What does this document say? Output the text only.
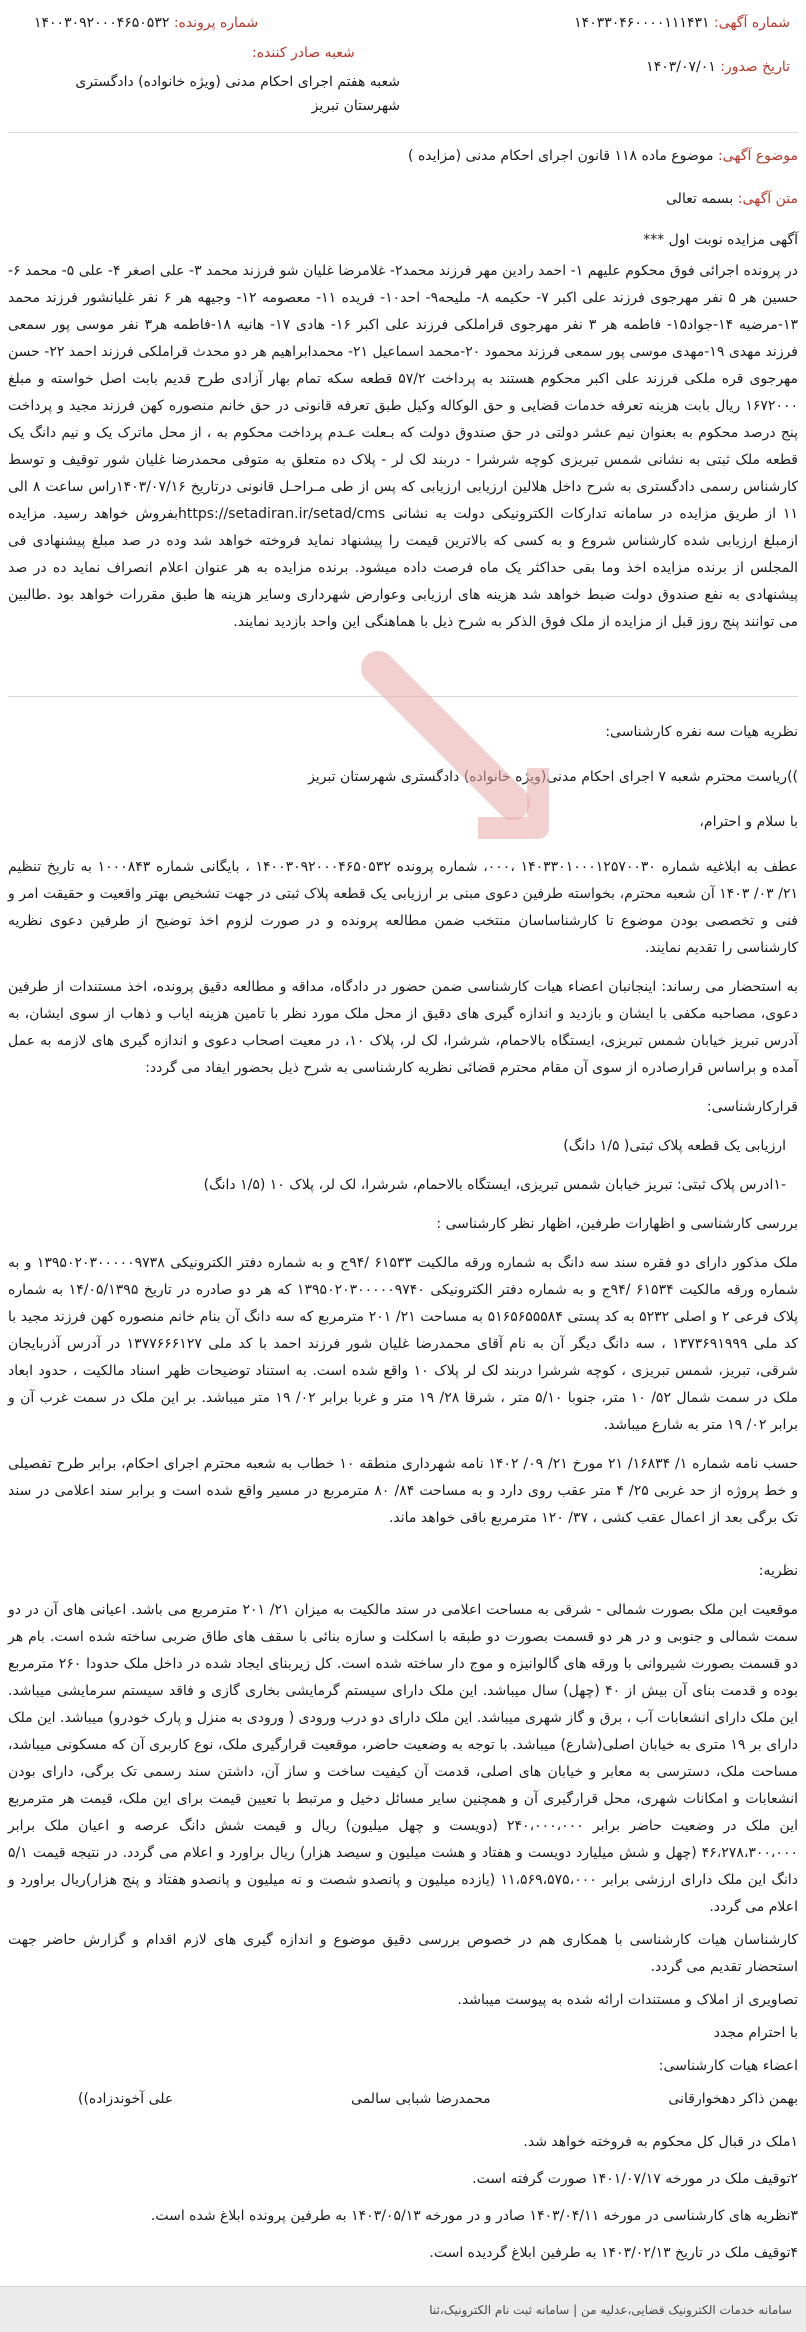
شماره آگهی: ۱۴۰۳۳۰۴۶۰۰۰۰۱۱۱۴۳۱
شماره پرونده: ۱۴۰۰۳۰۹۲۰۰۰۴۶۵۰۵۳۲
تاریخ صدور: ۱۴۰۳/۰۷/۰۱
شعبه صادر کننده:
شعبه هفتم اجرای احکام مدنی (ویژه خانواده) دادگستری شهرستان تبریز
موضوع آگهی: موضوع ماده ۱۱۸ قانون اجرای احکام مدنی (مزایده )
متن آگهی: بسمه تعالی
آگهی مزایده نوبت اول ***

در پرونده اجرائی فوق محکوم علیهم ۱- احمد رادین مهر فرزند محمد۲- غلامرضا غلیان شو فرزند محمد ۳- علی اصغر ۴- علی ۵- محمد ۶- حسین هر ۵ نفر مهرجوی فرزند علی اکبر ۷- حکیمه ۸- ملیحه۹- احد۱۰- فریده ۱۱- معصومه ۱۲- وجیهه هر ۶ نفر غلیانشور فرزند محمد ۱۳-مرضیه ۱۴-جواد۱۵- فاطمه هر ۳ نفر مهرجوی قراملکی فرزند علی اکبر ۱۶- هادی ۱۷- هانیه ۱۸-فاطمه هر۳ نفر موسی پور سمعی فرزند مهدی ۱۹-مهدی موسی پور سمعی فرزند محمود ۲۰-محمد اسماعیل ۲۱- محمدابراهیم هر دو محدث قراملکی فرزند احمد ۲۲- حسن مهرجوی قره ملکی فرزند علی اکبر محکوم هستند به پرداخت ۵۷/۲ قطعه سکه تمام بهار آزادی طرح قدیم بابت اصل خواسته و مبلغ ۱۶۷۲۰۰۰ ریال بابت هزینه تعرفه خدمات قضایی و حق الوکاله وکیل طبق تعرفه قانونی در حق خانم منصوره کهن فرزند مجید و پرداخت پنج درصد محکوم به بعنوان نیم عشر دولتی در حق صندوق دولت که بـعلت عـدم پرداخت محکوم به ، از محل ماترک یک و نیم دانگ یک قطعه ملک ثبتی به نشانی شمس تبریزی کوچه شرشرا - دربند لک لر - پلاک ده متعلق به متوفی محمدرضا غلیان شور توقیف و توسط کارشناس رسمی دادگستری به شرح داخل هلالین ارزیابی ارزیابی که پس از طی مـراحـل قانونی درتاریخ ۱۴۰۳/۰۷/۱۶راس ساعت ۸ الی ۱۱ از طریق مزایده در سامانه تدارکات الکترونیکی دولت به نشانی https://setadiran.ir/setad/cmsبفروش خواهد رسید. مزایده ازمبلغ ارزیابی شده کارشناس شروع و به کسی که بالاترین قیمت را پیشنهاد نماید فروخته خواهد شد وده در صد مبلغ پیشنهادی فی المجلس از برنده مزایده اخذ وما بقی حداکثر یک ماه فرصت داده میشود. برنده مزایده به هر عنوان اعلام انصراف نماید ده در صد پیشنهادی به نفع صندوق دولت ضبط خواهد شد هزینه های ارزیابی وعوارض شهرداری وسایر هزینه ها طبق مقررات خواهد بود .طالبین می توانند پنج روز قبل از مزایده از ملک فوق الذکر به شرح ذیل با هماهنگی این واحد بازدید نمایند.

نظریه هیات سه نفره کارشناسی:
))ریاست محترم شعبه ۷ اجرای احکام مدنی(ویژه خانواده) دادگستری شهرستان تبریز
با سلام و احترام،
عطف به ابلاغیه شماره ۱۴۰۳۳۰۱۰۰۰۱۲۵۷۰۰۳۰ ،۰۰۰، شماره پرونده ۱۴۰۰۳۰۹۲۰۰۰۴۶۵۰۵۳۲ ، بایگانی شماره ۱۰۰۰۸۴۳ به تاریخ تنظیم ۲۱/ ۰۳/ ۱۴۰۳ آن شعبه محترم، بخواسته طرفین دعوی مبنی بر ارزیابی یک قطعه پلاک ثبتی در جهت تشخیص بهتر واقعیت و حقیقت امر و فنی و تخصصی بودن موضوع تا کارشناساسان منتخب ضمن مطالعه پرونده و در صورت لزوم اخذ توضیح از طرفین دعوی نظریه کارشناسی را تقدیم نمایند.
به استحضار می رساند: اینجانبان اعضاء هیات کارشناسی ضمن حضور در دادگاه، مداقه و مطالعه دقیق پرونده، اخذ مستندات از طرفین دعوی، مصاحبه مکفی با ایشان و بازدید و اندازه گیری های دقیق از محل ملک مورد نظر با تامین هزینه ایاب و ذهاب از سوی ایشان، به آدرس تبریز خیابان شمس تبریزی، ایستگاه بالاحمام، شرشرا، لک لر، پلاک ۱۰، در معیت اصحاب دعوی و اندازه گیری های لازمه به عمل آمده و براساس قرارصادره از سوی آن مقام محترم قضائی نظریه کارشناسی به شرح ذیل بحضور ایفاد می گردد:
قرارکارشناسی:
ارزیابی یک قطعه پلاک ثبتی( ۱/۵ دانگ)
-۱ادرس پلاک ثبتی: تبریز خیابان شمس تبریزی، ایستگاه بالاحمام، شرشرا، لک لر، پلاک ۱۰ (۱/۵ دانگ)
بررسی کارشناسی و اظهارات طرفین، اظهار نظر کارشناسی :
ملک مذکور دارای دو فقره سند سه دانگ به شماره ورقه مالکیت ۶۱۵۳۳ /۹۴ج و به شماره دفتر الکترونیکی ۱۳۹۵۰۲۰۳۰۰۰۰۰۹۷۳۸ و به شماره ورقه مالکیت ۶۱۵۳۴ /۹۴ج و به شماره دفتر الکترونیکی ۱۳۹۵۰۲۰۳۰۰۰۰۰۹۷۴۰ که هر دو صادره در تاریخ ۱۴/۰۵/۱۳۹۵ به شماره پلاک فرعی ۲ و اصلی ۵۲۳۲ به کد پستی ۵۱۶۵۶۵۵۵۸۴ به مساحت ۲۱/ ۲۰۱ مترمربع که سه دانگ آن بنام خانم منصوره کهن فرزند مجید با کد ملی ۱۳۷۳۶۹۱۹۹۹ ، سه دانگ دیگر آن به نام آقای محمدرضا غلیان شور فرزند احمد با کد ملی ۱۳۷۷۶۶۶۱۲۷ در آدرس آذربایجان شرقی، تبریز، شمس تبریزی ، کوچه شرشرا دربند لک لر پلاک ۱۰ واقع شده است. به استناد توضیحات ظهر اسناد مالکیت ، حدود ابعاد ملک در سمت شمال ۵۲/ ۱۰ متر، جنوبا ۵/۱۰ متر ، شرقا ۲۸/ ۱۹ متر و غربا برابر ۰۲/ ۱۹ متر میباشد. بر این ملک در سمت غرب آن و برابر ۰۲/ ۱۹ متر به شارع میباشد.
حسب نامه شماره ۱/ ۱۶۸۳۴/ ۲۱ مورخ ۲۱/ ۰۹/ ۱۴۰۲ نامه شهرداری منطقه ۱۰ خطاب به شعبه محترم اجرای احکام، برابر طرح تفصیلی و خط پروژه از حد غربی ۲۵/ ۴ متر عقب روی دارد و به مساحت ۸۴/ ۸۰ مترمربع در مسیر واقع شده است و برابر سند اعلامی در سند تک برگی بعد از اعمال عقب کشی ، ۳۷/ ۱۲۰ مترمربع باقی خواهد ماند.
نظریه:
موقعیت این ملک بصورت شمالی - شرقی به مساحت اعلامی در سند مالکیت به میزان ۲۱/ ۲۰۱ مترمربع می باشد. اعیانی های آن در دو سمت شمالی و جنوبی و در هر دو قسمت بصورت دو طبقه با اسکلت و سازه بنائی با سقف های طاق ضربی ساخته شده است. بام هر دو قسمت بصورت شیروانی با ورقه های گالوانیزه و موج دار ساخته شده است. کل زیربنای ایجاد شده در داخل ملک حدودا ۲۶۰ مترمربع بوده و قدمت بنای آن بیش از ۴۰ (چهل) سال میباشد. این ملک دارای سیستم گرمایشی بخاری گازی و فاقد سیستم سرمایشی میباشد. این ملک دارای انشعابات آب ، برق و گاز شهری میباشد. این ملک دارای دو درب ورودی ( ورودی به منزل و پارک خودرو) میباشد. این ملک دارای بر ۱۹ متری به خیابان اصلی(شارع) میباشد. با توجه به وضعیت حاضر، موقعیت قرارگیری ملک، نوع کاربری آن که مسکونی میباشد، مساحت ملک، دسترسی به معابر و خیابان های اصلی، قدمت آن کیفیت ساخت و ساز آن، داشتن سند رسمی تک برگی، دارای بودن انشعابات و امکانات شهری، محل قرارگیری آن و همچنین سایر مسائل دخیل و مرتبط با تعیین قیمت برای این ملک، قیمت هر مترمربع این ملک در وضعیت حاضر برابر ۲۴۰،۰۰۰،۰۰۰ (دویست و چهل میلیون) ریال و قیمت شش دانگ عرصه و اعیان ملک برابر ۴۶،۲۷۸،۳۰۰،۰۰۰ (چهل و شش میلیارد دویست و هفتاد و هشت میلیون و سیصد هزار) ریال براورد و اعلام می گردد. در نتیجه قیمت ۵/۱ دانگ این ملک دارای ارزشی برابر ۱۱،۵۶۹،۵۷۵،۰۰۰ (یازده میلیون و پانصدو شصت و نه میلیون و پانصدو هفتاد و پنج هزار)ریال براورد و اعلام می گردد.
کارشناسان هیات کارشناسی با همکاری هم در خصوص بررسی دقیق موضوع و اندازه گیری های لازم اقدام و گزارش حاضر جهت استحضار تقدیم می گردد.
تصاویری از املاک و مستندات ارائه شده به پیوست میباشد.
با احترام مجدد
اعضاء هیات کارشناسی:
بهمن ذاکر دهخوارقانی
محمدرضا شبابی سالمی
علی آخوندزاده))

۱ملک در قبال کل محکوم به فروخته خواهد شد.

۲توقیف ملک در مورخه ۱۴۰۱/۰۷/۱۷ صورت گرفته است.

۳نظریه های کارشناسی در مورخه ۱۴۰۳/۰۴/۱۱ صادر و در مورخه ۱۴۰۳/۰۵/۱۳ به طرفین پرونده ابلاغ شده است.

۴توقیف ملک در تاریخ ۱۴۰۳/۰۲/۱۳ به طرفین ابلاغ گردیده است.

سامانه خدمات الکترونیک قضایی،عدلیه من | سامانه ثبت نام الکترونیک،ثنا
